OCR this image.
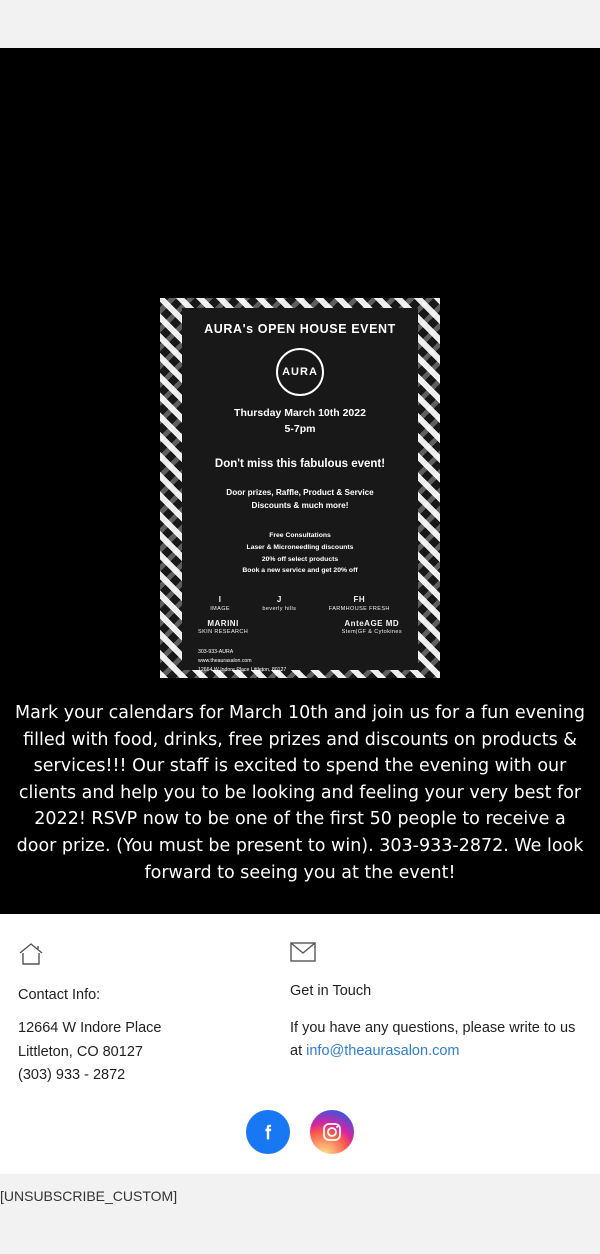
AURA's OPEN HOUSE EVENT
AURA
Thursday March 10th 2022
5-7pm
Don't miss this fabulous event!
Door prizes, Raffle, Product & Service
Discounts & much more!
Free Consultations
Laser & Microneedling discounts
20% off select products
Book a new service and get 20% off
I
IMAGE
J
beverly hills
FH
FARMHOUSE FRESH
MARINI
SKIN RESEARCH
AnteAGE MD
Stem|GF & Cytokines
303-933-AURA
www.theaurasalon.com
12664 W Indore Place Littleton, 80127
Mark your calendars for March 10th and join us for a fun evening filled with food, drinks, free prizes and discounts on products & services!!! Our staff is excited to spend the evening with our clients and help you to be looking and feeling your very best for 2022! RSVP now to be one of the first 50 people to receive a door prize. (You must be present to win). 303-933-2872. We look forward to seeing you at the event!
Contact Info:
12664 W Indore Place
Littleton, CO 80127
(303) 933 - 2872
Get in Touch
If you have any questions, please write to us at info@theaurasalon.com
[UNSUBSCRIBE_CUSTOM]
